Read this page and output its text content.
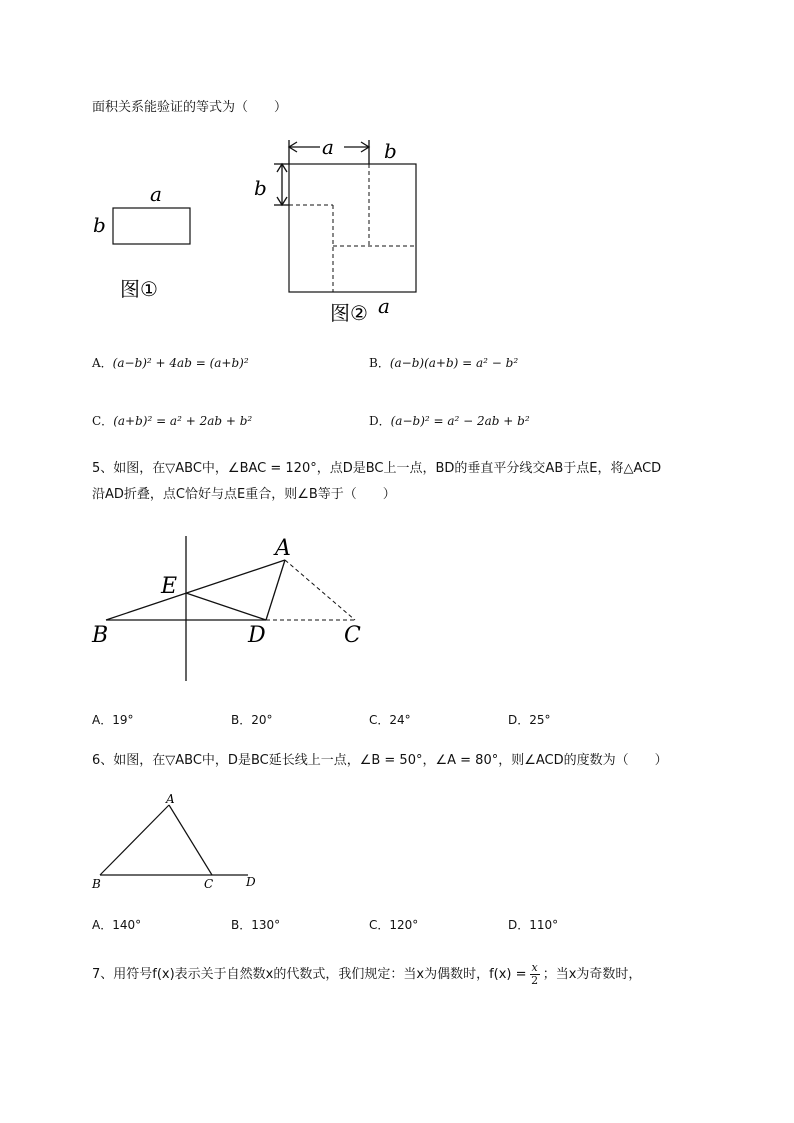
面积关系能验证的等式为（　　）
a
b
图①
a	b
b
图② a
A．(a−b)² + 4ab = (a+b)²	B．(a−b)(a+b) = a² − b²
C．(a+b)² = a² + 2ab + b²	D．(a−b)² = a² − 2ab + b²
5、如图，在▽ABC中，∠BAC = 120°，点D是BC上一点，BD的垂直平分线交AB于点E，将△ACD
沿AD折叠，点C恰好与点E重合，则∠B等于（　　）
A
E
B	D	C
A．19°	B．20°	C．24°	D．25°
6、如图，在▽ABC中，D是BC延长线上一点，∠B = 50°，∠A = 80°，则∠ACD的度数为（　　）
A
B	C	D
A．140°	B．130°	C．120°	D．110°
7、用符号f(x)表示关于自然数x的代数式，我们规定：当x为偶数时，$f(x) = \frac{x}{2}$ ；当x为奇数时，
